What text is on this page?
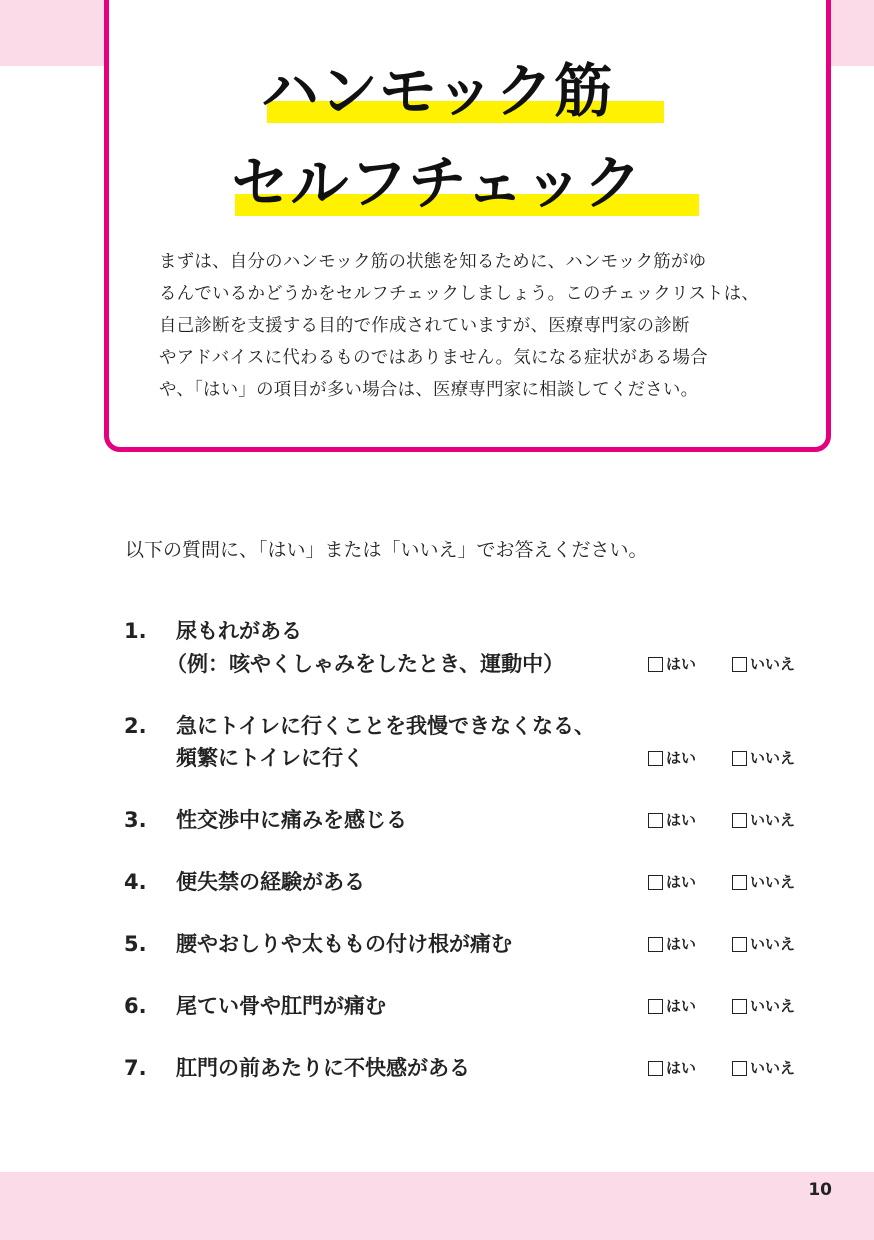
ハンモック筋
セルフチェック
まずは、自分のハンモック筋の状態を知るために、ハンモック筋がゆ
るんでいるかどうかをセルフチェックしましょう。このチェックリストは、
自己診断を支援する目的で作成されていますが、医療専門家の診断
やアドバイスに代わるものではありません。気になる症状がある場合
や、「はい」の項目が多い場合は、医療専門家に相談してください。
以下の質問に、「はい」または「いいえ」でお答えください。
1. 尿もれがある
（例：咳やくしゃみをしたとき、運動中）	はい	いいえ
2. 急にトイレに行くことを我慢できなくなる、
頻繁にトイレに行く	はい	いいえ
3. 性交渉中に痛みを感じる	はい	いいえ
4. 便失禁の経験がある	はい	いいえ
5. 腰やおしりや太ももの付け根が痛む	はい	いいえ
6. 尾てい骨や肛門が痛む	はい	いいえ
7. 肛門の前あたりに不快感がある	はい	いいえ
10
